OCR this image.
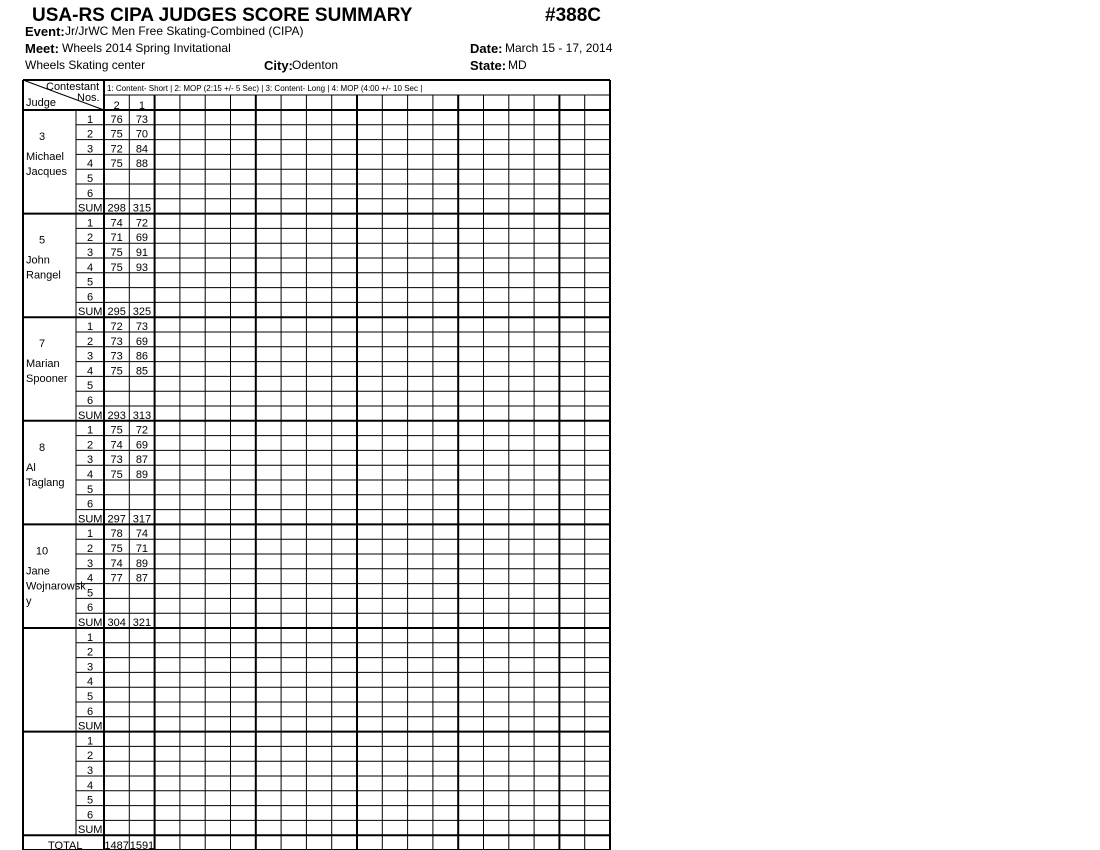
USA-RS CIPA JUDGES SCORE SUMMARY	#388C
Event: Jr/JrWC Men Free Skating-Combined (CIPA)
Meet: Wheels 2014 Spring Invitational	Date: March 15 - 17, 2014
Wheels Skating center	City: Odenton	State: MD
Contestant
Nos.
Judge
1: Content- Short | 2: MOP (2:15 +/- 5 Sec) | 3: Content- Long | 4: MOP (4:00 +/- 10 Sec |
2 1
3
Michael
Jacques
1 76 73
2 75 70
3 72 84
4 75 88
5
6
SUM 298 315
5
John
Rangel
1 74 72
2 71 69
3 75 91
4 75 93
5
6
SUM 295 325
7
Marian
Spooner
1 72 73
2 73 69
3 73 86
4 75 85
5
6
SUM 293 313
8
Al
Taglang
1 75 72
2 74 69
3 73 87
4 75 89
5
6
SUM 297 317
10
Jane
Wojnarowsk
y
1 78 74
2 75 71
3 74 89
4 77 87
5
6
SUM 304 321
1
2
3
4
5
6
SUM
1
2
3
4
5
6
SUM
TOTAL 1487 1591
